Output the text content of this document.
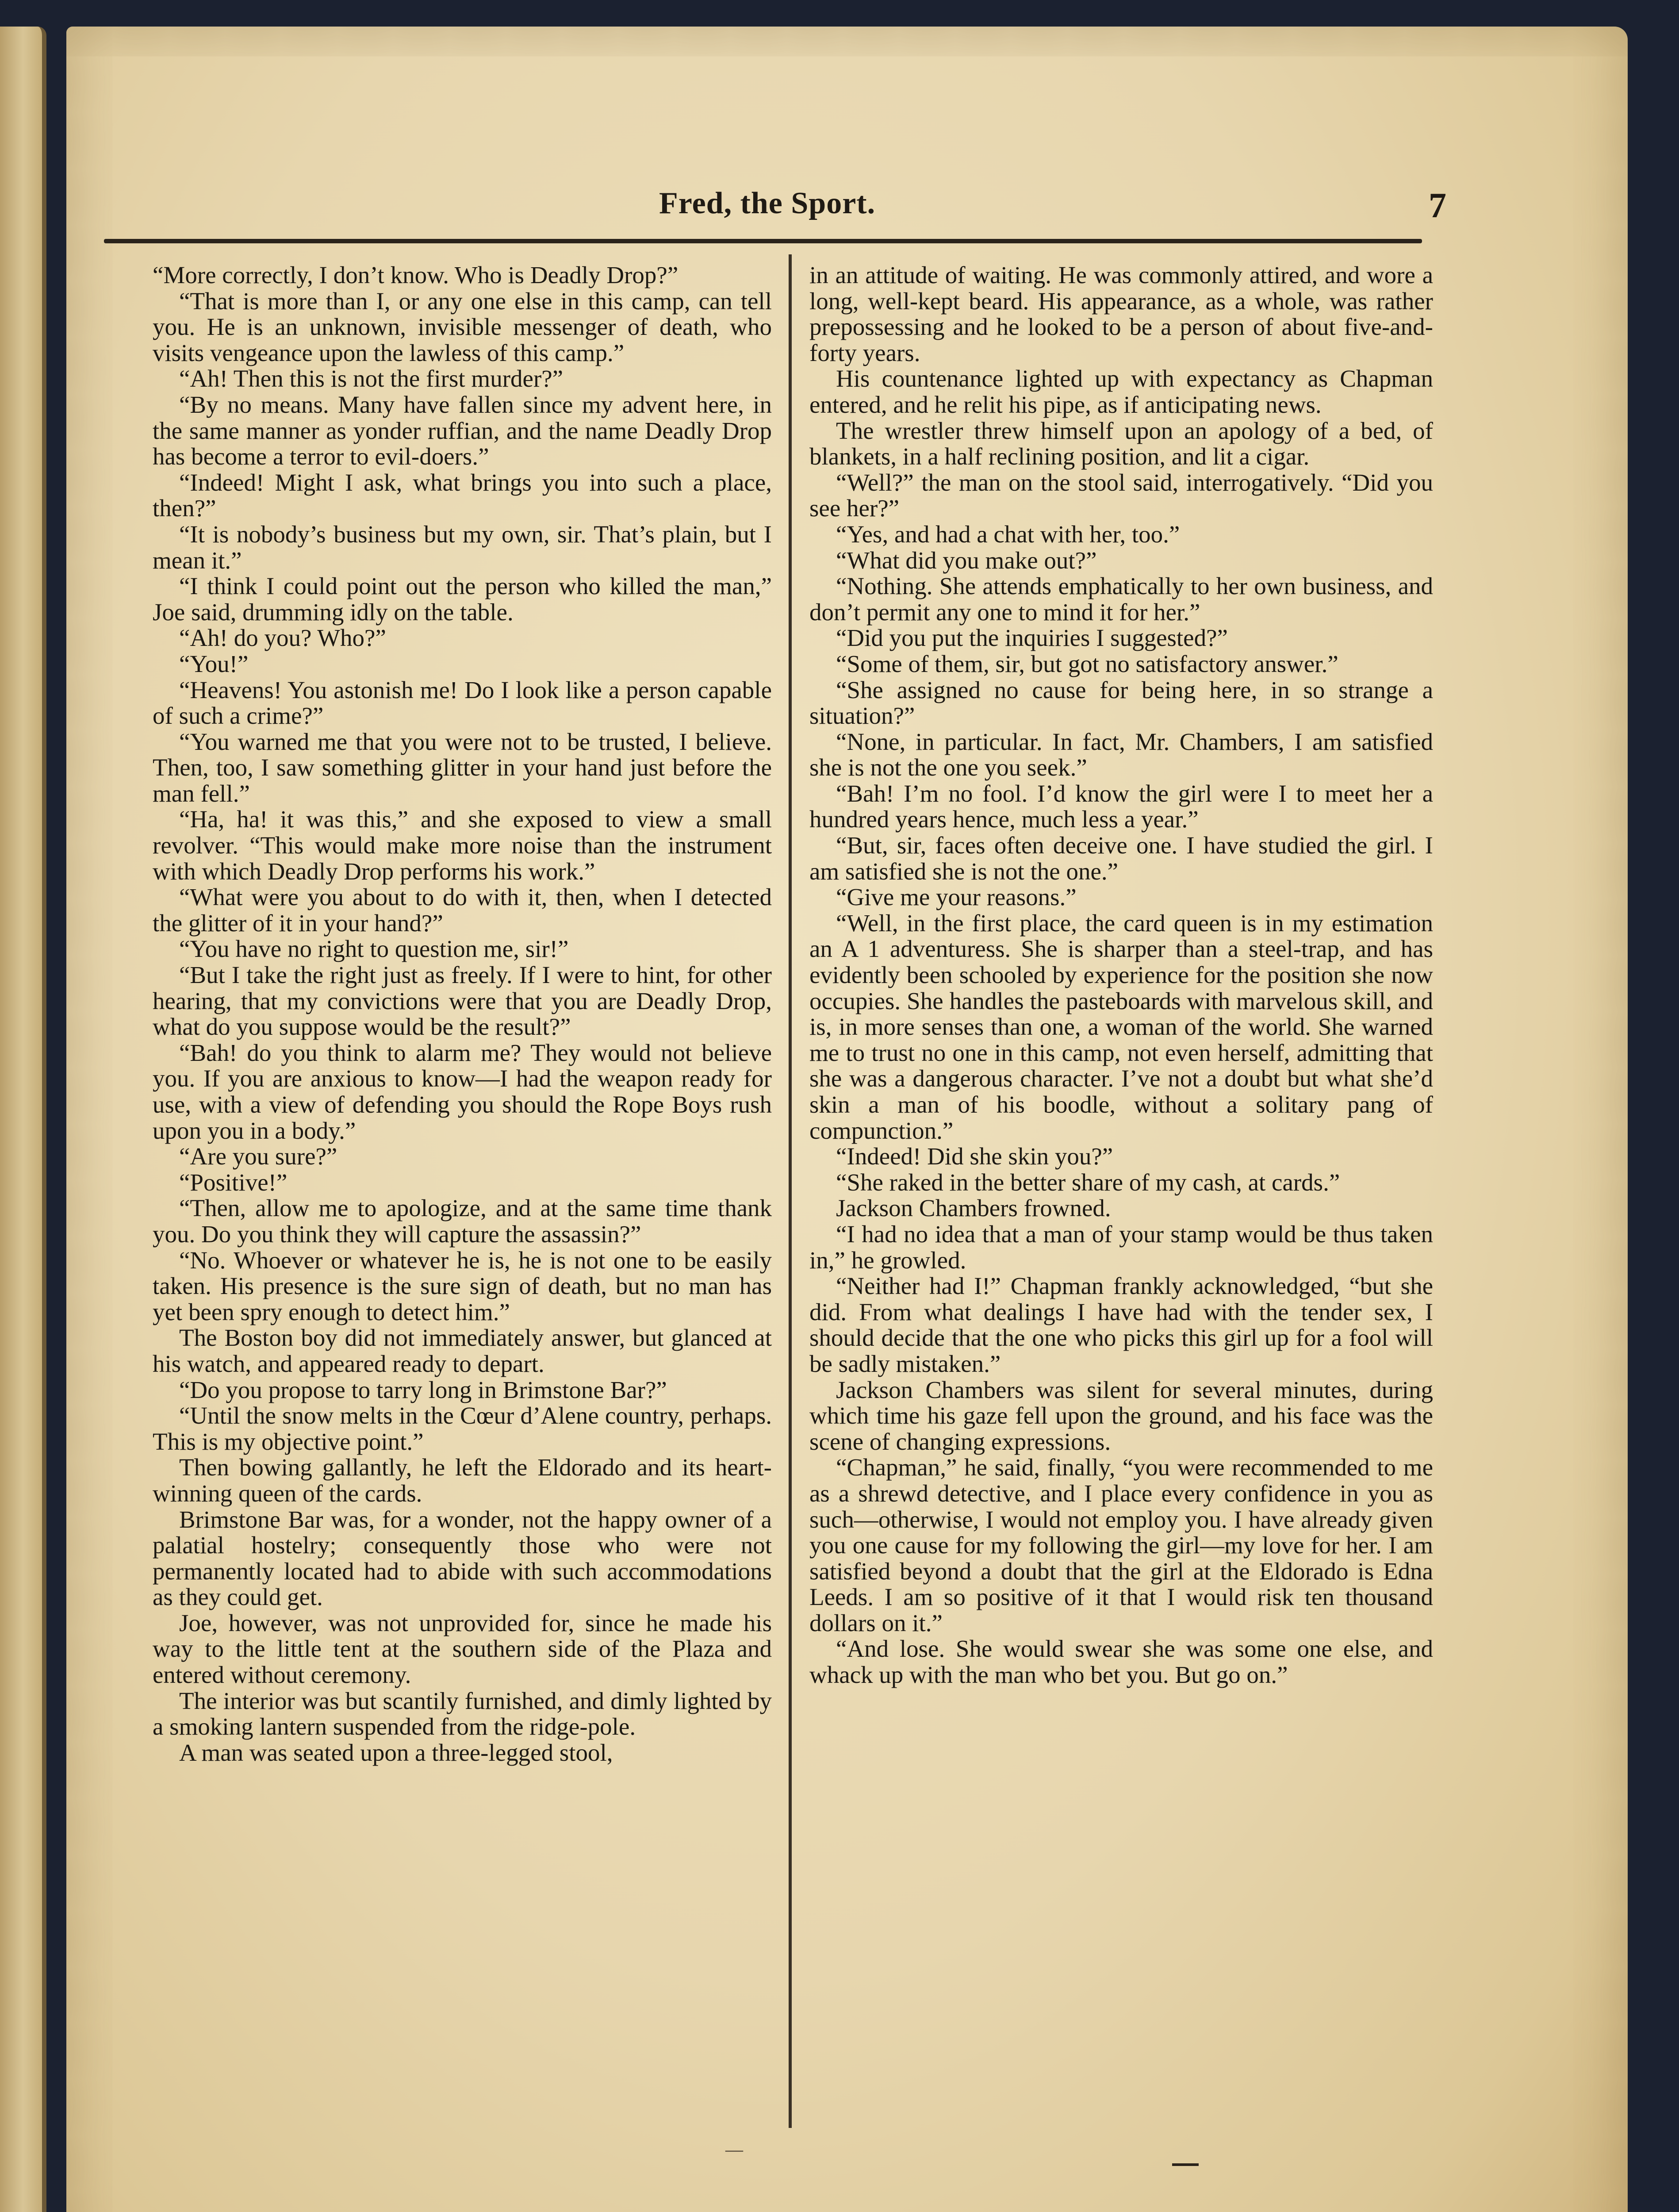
Fred, the Sport.	7

“More correctly, I don’t know. Who is Deadly Drop?”

“That is more than I, or any one else in this camp, can tell you. He is an unknown, invisible messenger of death, who visits vengeance upon the lawless of this camp.”

“Ah! Then this is not the first murder?”

“By no means. Many have fallen since my advent here, in the same manner as yonder ruffian, and the name Deadly Drop has become a terror to evil-doers.”

“Indeed! Might I ask, what brings you into such a place, then?”

“It is nobody’s business but my own, sir. That’s plain, but I mean it.”

“I think I could point out the person who killed the man,” Joe said, drumming idly on the table.

“Ah! do you? Who?”

“You!”

“Heavens! You astonish me! Do I look like a person capable of such a crime?”

“You warned me that you were not to be trusted, I believe. Then, too, I saw something glitter in your hand just before the man fell.”

“Ha, ha! it was this,” and she exposed to view a small revolver. “This would make more noise than the instrument with which Deadly Drop performs his work.”

“What were you about to do with it, then, when I detected the glitter of it in your hand?”

“You have no right to question me, sir!”

“But I take the right just as freely. If I were to hint, for other hearing, that my convictions were that you are Deadly Drop, what do you suppose would be the result?”

“Bah! do you think to alarm me? They would not believe you. If you are anxious to know—I had the weapon ready for use, with a view of defending you should the Rope Boys rush upon you in a body.”

“Are you sure?”

“Positive!”

“Then, allow me to apologize, and at the same time thank you. Do you think they will capture the assassin?”

“No. Whoever or whatever he is, he is not one to be easily taken. His presence is the sure sign of death, but no man has yet been spry enough to detect him.”

The Boston boy did not immediately answer, but glanced at his watch, and appeared ready to depart.

“Do you propose to tarry long in Brimstone Bar?”

“Until the snow melts in the Cœur d’Alene country, perhaps. This is my objective point.”

Then bowing gallantly, he left the Eldorado and its heart-winning queen of the cards.

Brimstone Bar was, for a wonder, not the happy owner of a palatial hostelry; consequently those who were not permanently located had to abide with such accommodations as they could get.

Joe, however, was not unprovided for, since he made his way to the little tent at the southern side of the Plaza and entered without ceremony.

The interior was but scantily furnished, and dimly lighted by a smoking lantern suspended from the ridge-pole.

A man was seated upon a three-legged stool,

in an attitude of waiting. He was commonly attired, and wore a long, well-kept beard. His appearance, as a whole, was rather prepossessing and he looked to be a person of about five-and-forty years.

His countenance lighted up with expectancy as Chapman entered, and he relit his pipe, as if anticipating news.

The wrestler threw himself upon an apology of a bed, of blankets, in a half reclining position, and lit a cigar.

“Well?” the man on the stool said, interrogatively. “Did you see her?”

“Yes, and had a chat with her, too.”

“What did you make out?”

“Nothing. She attends emphatically to her own business, and don’t permit any one to mind it for her.”

“Did you put the inquiries I suggested?”

“Some of them, sir, but got no satisfactory answer.”

“She assigned no cause for being here, in so strange a situation?”

“None, in particular. In fact, Mr. Chambers, I am satisfied she is not the one you seek.”

“Bah! I’m no fool. I’d know the girl were I to meet her a hundred years hence, much less a year.”

“But, sir, faces often deceive one. I have studied the girl. I am satisfied she is not the one.”

“Give me your reasons.”

“Well, in the first place, the card queen is in my estimation an A 1 adventuress. She is sharper than a steel-trap, and has evidently been schooled by experience for the position she now occupies. She handles the pasteboards with marvelous skill, and is, in more senses than one, a woman of the world. She warned me to trust no one in this camp, not even herself, admitting that she was a dangerous character. I’ve not a doubt but what she’d skin a man of his boodle, without a solitary pang of compunction.”

“Indeed! Did she skin you?”

“She raked in the better share of my cash, at cards.”

Jackson Chambers frowned.

“I had no idea that a man of your stamp would be thus taken in,” he growled.

“Neither had I!” Chapman frankly acknowledged, “but she did. From what dealings I have had with the tender sex, I should decide that the one who picks this girl up for a fool will be sadly mistaken.”

Jackson Chambers was silent for several minutes, during which time his gaze fell upon the ground, and his face was the scene of changing expressions.

“Chapman,” he said, finally, “you were recommended to me as a shrewd detective, and I place every confidence in you as such—otherwise, I would not employ you. I have already given you one cause for my following the girl—my love for her. I am satisfied beyond a doubt that the girl at the Eldorado is Edna Leeds. I am so positive of it that I would risk ten thousand dollars on it.”

“And lose. She would swear she was some one else, and whack up with the man who bet you. But go on.”

—
